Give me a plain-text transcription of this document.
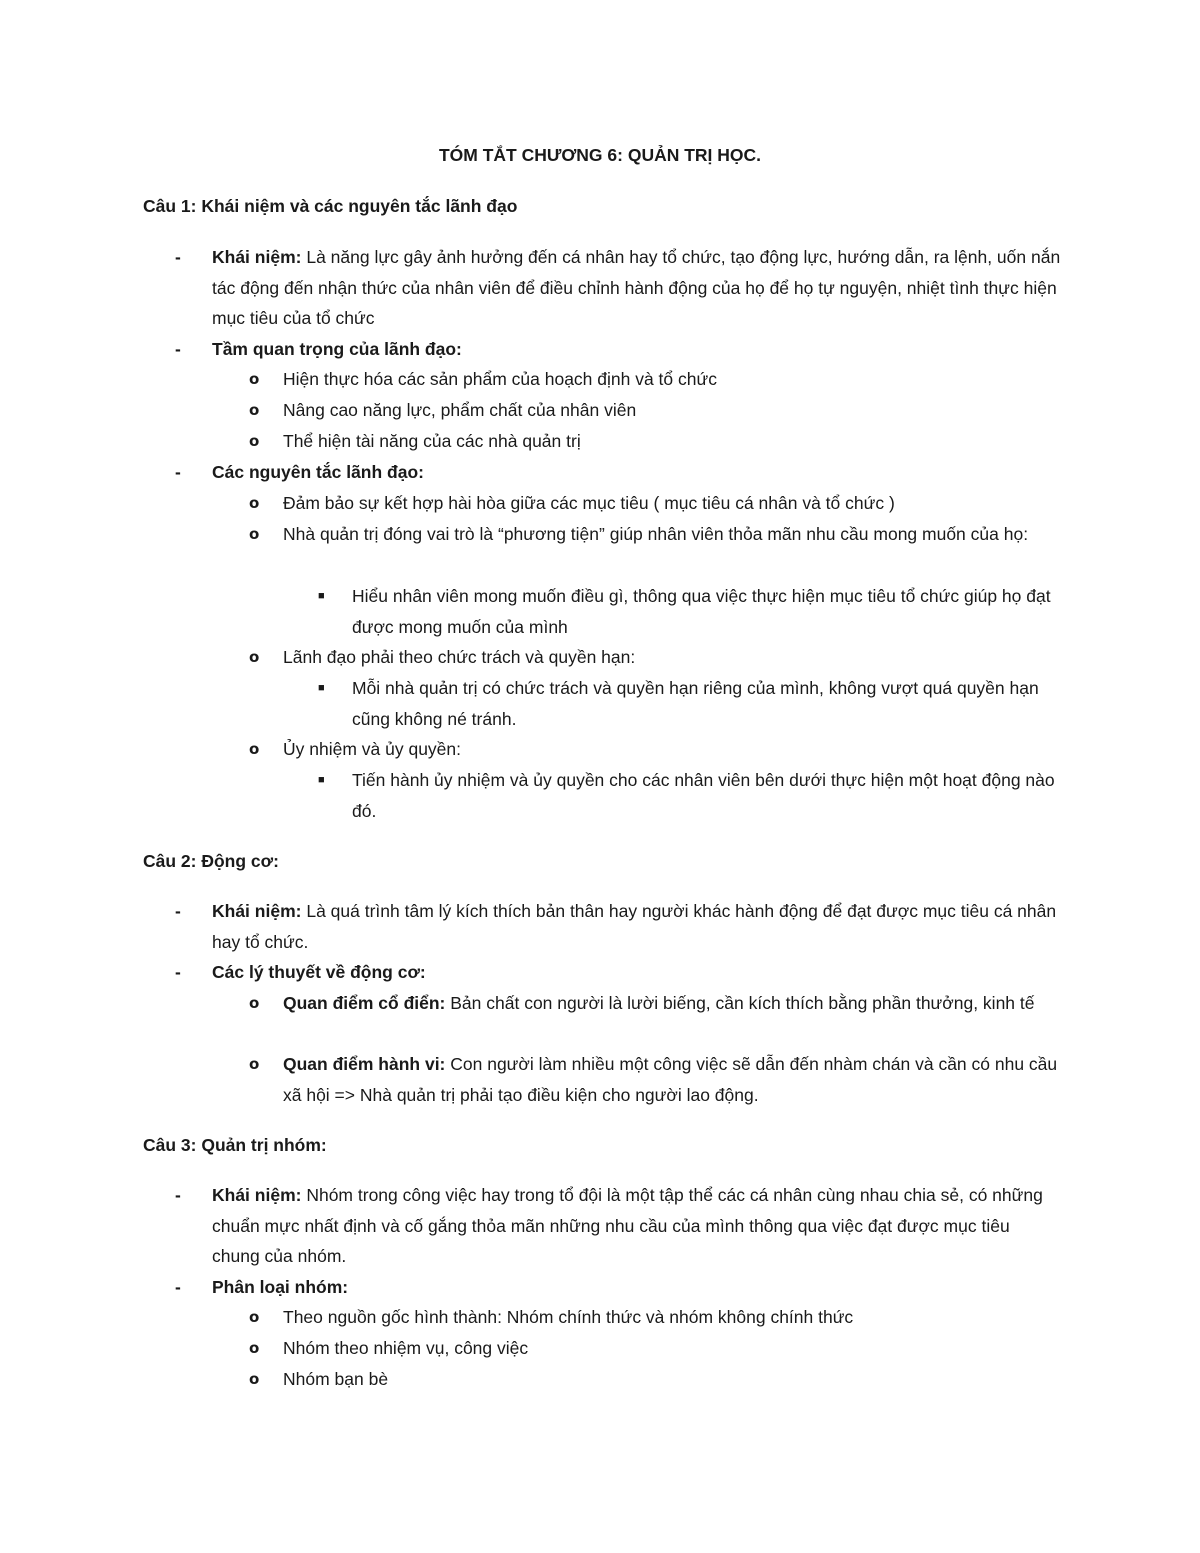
TÓM TẮT CHƯƠNG 6: QUẢN TRỊ HỌC.
Câu 1: Khái niệm và các nguyên tắc lãnh đạo
- Khái niệm: Là năng lực gây ảnh hưởng đến cá nhân hay tổ chức, tạo động lực, hướng dẫn, ra lệnh, uốn nắn tác động đến nhận thức của nhân viên để điều chỉnh hành động của họ để họ tự nguyện, nhiệt tình thực hiện mục tiêu của tổ chức
- Tầm quan trọng của lãnh đạo:
o Hiện thực hóa các sản phẩm của hoạch định và tổ chức
o Nâng cao năng lực, phẩm chất của nhân viên
o Thể hiện tài năng của các nhà quản trị
- Các nguyên tắc lãnh đạo:
o Đảm bảo sự kết hợp hài hòa giữa các mục tiêu ( mục tiêu cá nhân và tổ chức )
o Nhà quản trị đóng vai trò là “phương tiện” giúp nhân viên thỏa mãn nhu cầu mong muốn của họ:
■ Hiểu nhân viên mong muốn điều gì, thông qua việc thực hiện mục tiêu tổ chức giúp họ đạt được mong muốn của mình
o Lãnh đạo phải theo chức trách và quyền hạn:
■ Mỗi nhà quản trị có chức trách và quyền hạn riêng của mình, không vượt quá quyền hạn cũng không né tránh.
o Ủy nhiệm và ủy quyền:
■ Tiến hành ủy nhiệm và ủy quyền cho các nhân viên bên dưới thực hiện một hoạt động nào đó.
Câu 2: Động cơ:
- Khái niệm: Là quá trình tâm lý kích thích bản thân hay người khác hành động để đạt được mục tiêu cá nhân hay tổ chức.
- Các lý thuyết về động cơ:
o Quan điểm cổ điển: Bản chất con người là lười biếng, cần kích thích bằng phần thưởng, kinh tế
o Quan điểm hành vi: Con người làm nhiều một công việc sẽ dẫn đến nhàm chán và cần có nhu cầu xã hội => Nhà quản trị phải tạo điều kiện cho người lao động.
Câu 3: Quản trị nhóm:
- Khái niệm: Nhóm trong công việc hay trong tổ đội là một tập thể các cá nhân cùng nhau chia sẻ, có những chuẩn mực nhất định và cố gắng thỏa mãn những nhu cầu của mình thông qua việc đạt được mục tiêu chung của nhóm.
- Phân loại nhóm:
o Theo nguồn gốc hình thành: Nhóm chính thức và nhóm không chính thức
o Nhóm theo nhiệm vụ, công việc
o Nhóm bạn bè
